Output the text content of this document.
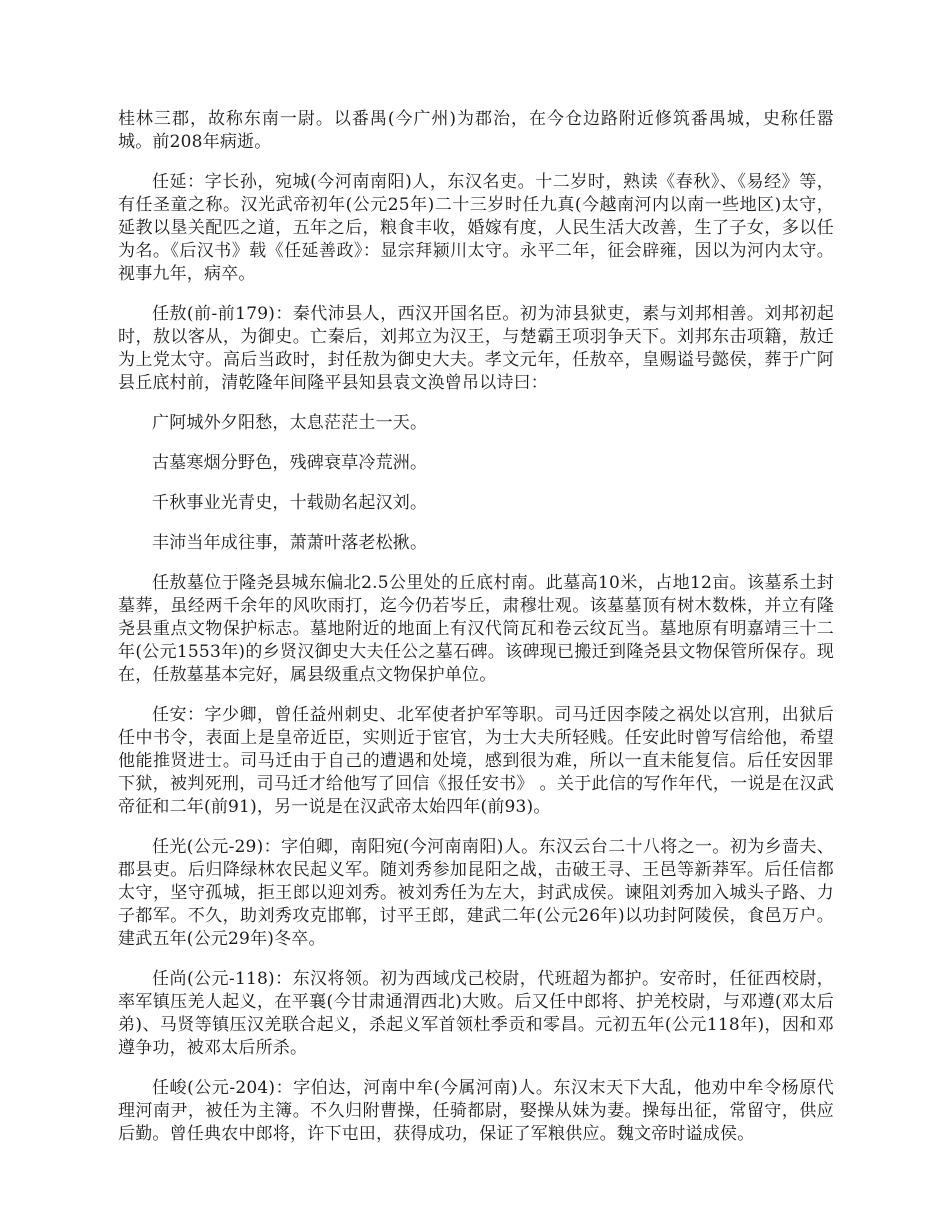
桂林三郡，故称东南一尉。以番禺(今广州)为郡治，在今仓边路附近修筑番禺城，史称任嚣城。前208年病逝。

任延：字长孙，宛城(今河南南阳)人，东汉名吏。十二岁时，熟读《春秋》、《易经》等，有任圣童之称。汉光武帝初年(公元25年)二十三岁时任九真(今越南河内以南一些地区)太守，延教以垦关配匹之道，五年之后，粮食丰收，婚嫁有度，人民生活大改善，生了子女，多以任为名。《后汉书》载《任延善政》：显宗拜颍川太守。永平二年，征会辟雍，因以为河内太守。视事九年，病卒。

任敖(前-前179)：秦代沛县人，西汉开国名臣。初为沛县狱吏，素与刘邦相善。刘邦初起时，敖以客从，为御史。亡秦后，刘邦立为汉王，与楚霸王项羽争天下。刘邦东击项籍，敖迁为上党太守。高后当政时，封任敖为御史大夫。孝文元年，任敖卒，皇赐谥号懿侯，葬于广阿县丘底村前，清乾隆年间隆平县知县袁文涣曾吊以诗曰：

广阿城外夕阳愁，太息茫茫土一天。

古墓寒烟分野色，残碑衰草冷荒洲。

千秋事业光青史，十载勋名起汉刘。

丰沛当年成往事，萧萧叶落老松揪。

任敖墓位于隆尧县城东偏北2.5公里处的丘底村南。此墓高10米，占地12亩。该墓系土封墓葬，虽经两千余年的风吹雨打，迄今仍若岑丘，肃穆壮观。该墓墓顶有树木数株，并立有隆尧县重点文物保护标志。墓地附近的地面上有汉代筒瓦和卷云纹瓦当。墓地原有明嘉靖三十二年(公元1553年)的乡贤汉御史大夫任公之墓石碑。该碑现已搬迁到隆尧县文物保管所保存。现在，任敖墓基本完好，属县级重点文物保护单位。

任安：字少卿，曾任益州刺史、北军使者护军等职。司马迁因李陵之祸处以宫刑，出狱后任中书令，表面上是皇帝近臣，实则近于宦官，为士大夫所轻贱。任安此时曾写信给他，希望他能推贤进士。司马迁由于自己的遭遇和处境，感到很为难，所以一直未能复信。后任安因罪下狱，被判死刑，司马迁才给他写了回信《报任安书》 。关于此信的写作年代，一说是在汉武帝征和二年(前91)，另一说是在汉武帝太始四年(前93)。

任光(公元-29)：字伯卿，南阳宛(今河南南阳)人。东汉云台二十八将之一。初为乡啬夫、郡县吏。后归降绿林农民起义军。随刘秀参加昆阳之战，击破王寻、王邑等新莽军。后任信都太守，坚守孤城，拒王郎以迎刘秀。被刘秀任为左大，封武成侯。谏阻刘秀加入城头子路、力子都军。不久，助刘秀攻克邯郸，讨平王郎，建武二年(公元26年)以功封阿陵侯，食邑万户。建武五年(公元29年)冬卒。

任尚(公元-118)：东汉将领。初为西域戊己校尉，代班超为都护。安帝时，任征西校尉，率军镇压羌人起义，在平襄(今甘肃通渭西北)大败。后又任中郎将、护羌校尉，与邓遵(邓太后弟)、马贤等镇压汉羌联合起义，杀起义军首领杜季贡和零昌。元初五年(公元118年)，因和邓遵争功，被邓太后所杀。

任峻(公元-204)：字伯达，河南中牟(今属河南)人。东汉末天下大乱，他劝中牟令杨原代理河南尹，被任为主簿。不久归附曹操，任骑都尉，娶操从妹为妻。操每出征，常留守，供应后勤。曾任典农中郎将，许下屯田，获得成功，保证了军粮供应。魏文帝时谥成侯。
